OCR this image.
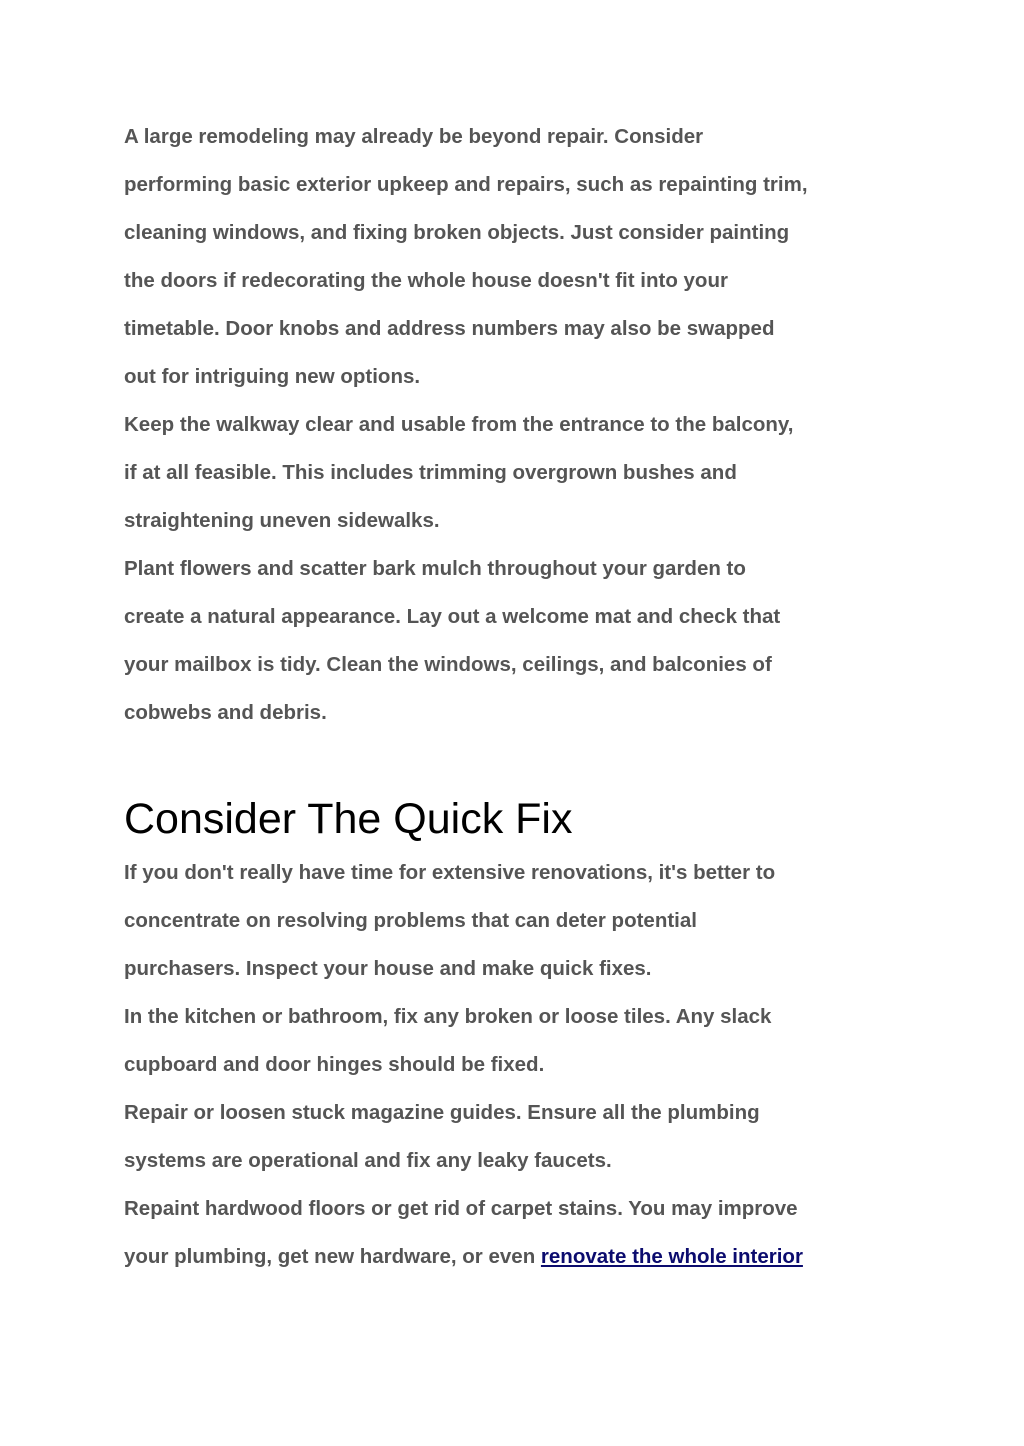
A large remodeling may already be beyond repair. Consider
performing basic exterior upkeep and repairs, such as repainting trim,
cleaning windows, and fixing broken objects. Just consider painting
the doors if redecorating the whole house doesn't fit into your
timetable. Door knobs and address numbers may also be swapped
out for intriguing new options.
Keep the walkway clear and usable from the entrance to the balcony,
if at all feasible. This includes trimming overgrown bushes and
straightening uneven sidewalks.
Plant flowers and scatter bark mulch throughout your garden to
create a natural appearance. Lay out a welcome mat and check that
your mailbox is tidy. Clean the windows, ceilings, and balconies of
cobwebs and debris.
Consider The Quick Fix
If you don't really have time for extensive renovations, it's better to
concentrate on resolving problems that can deter potential
purchasers. Inspect your house and make quick fixes.
In the kitchen or bathroom, fix any broken or loose tiles. Any slack
cupboard and door hinges should be fixed.
Repair or loosen stuck magazine guides. Ensure all the plumbing
systems are operational and fix any leaky faucets.
Repaint hardwood floors or get rid of carpet stains. You may improve
your plumbing, get new hardware, or even renovate the whole interior
